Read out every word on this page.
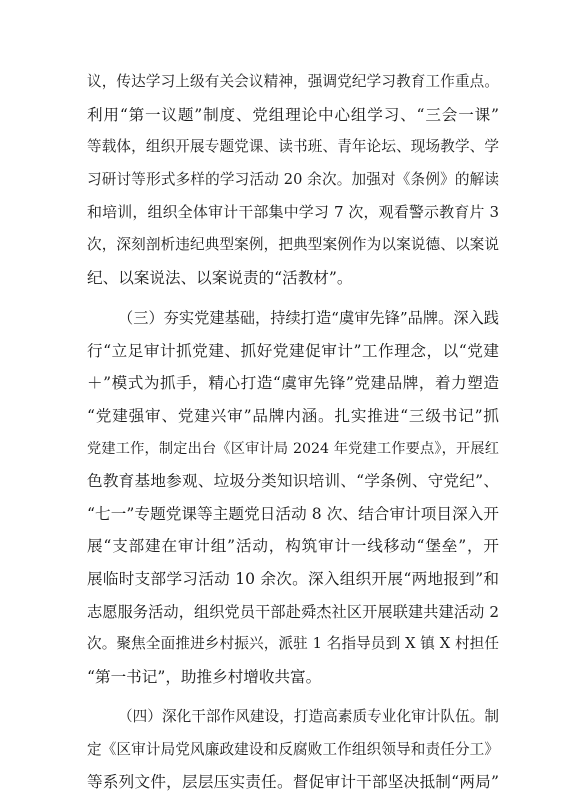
议，传达学习上级有关会议精神，强调党纪学习教育工作重点。
利用“第一议题”制度、党组理论中心组学习、“三会一课”
等载体，组织开展专题党课、读书班、青年论坛、现场教学、学
习研讨等形式多样的学习活动 20 余次。加强对《条例》的解读
和培训，组织全体审计干部集中学习 7 次，观看警示教育片 3
次，深刻剖析违纪典型案例，把典型案例作为以案说德、以案说
纪、以案说法、以案说责的“活教材”。
（三）夯实党建基础，持续打造“虞审先锋”品牌。深入践
行“立足审计抓党建、抓好党建促审计”工作理念，以“党建
＋”模式为抓手，精心打造“虞审先锋”党建品牌，着力塑造
“党建强审、党建兴审”品牌内涵。扎实推进“三级书记”抓
党建工作，制定出台《区审计局 2024 年党建工作要点》，开展红
色教育基地参观、垃圾分类知识培训、“学条例、守党纪”、
“七一”专题党课等主题党日活动 8 次、结合审计项目深入开
展“支部建在审计组”活动，构筑审计一线移动“堡垒”，开
展临时支部学习活动 10 余次。深入组织开展“两地报到”和
志愿服务活动，组织党员干部赴舜杰社区开展联建共建活动 2
次。聚焦全面推进乡村振兴，派驻 1 名指导员到 X 镇 X 村担任
“第一书记”，助推乡村增收共富。
（四）深化干部作风建设，打造高素质专业化审计队伍。制
定《区审计局党风廉政建设和反腐败工作组织领导和责任分工》
等系列文件，层层压实责任。督促审计干部坚决抵制“两局”
